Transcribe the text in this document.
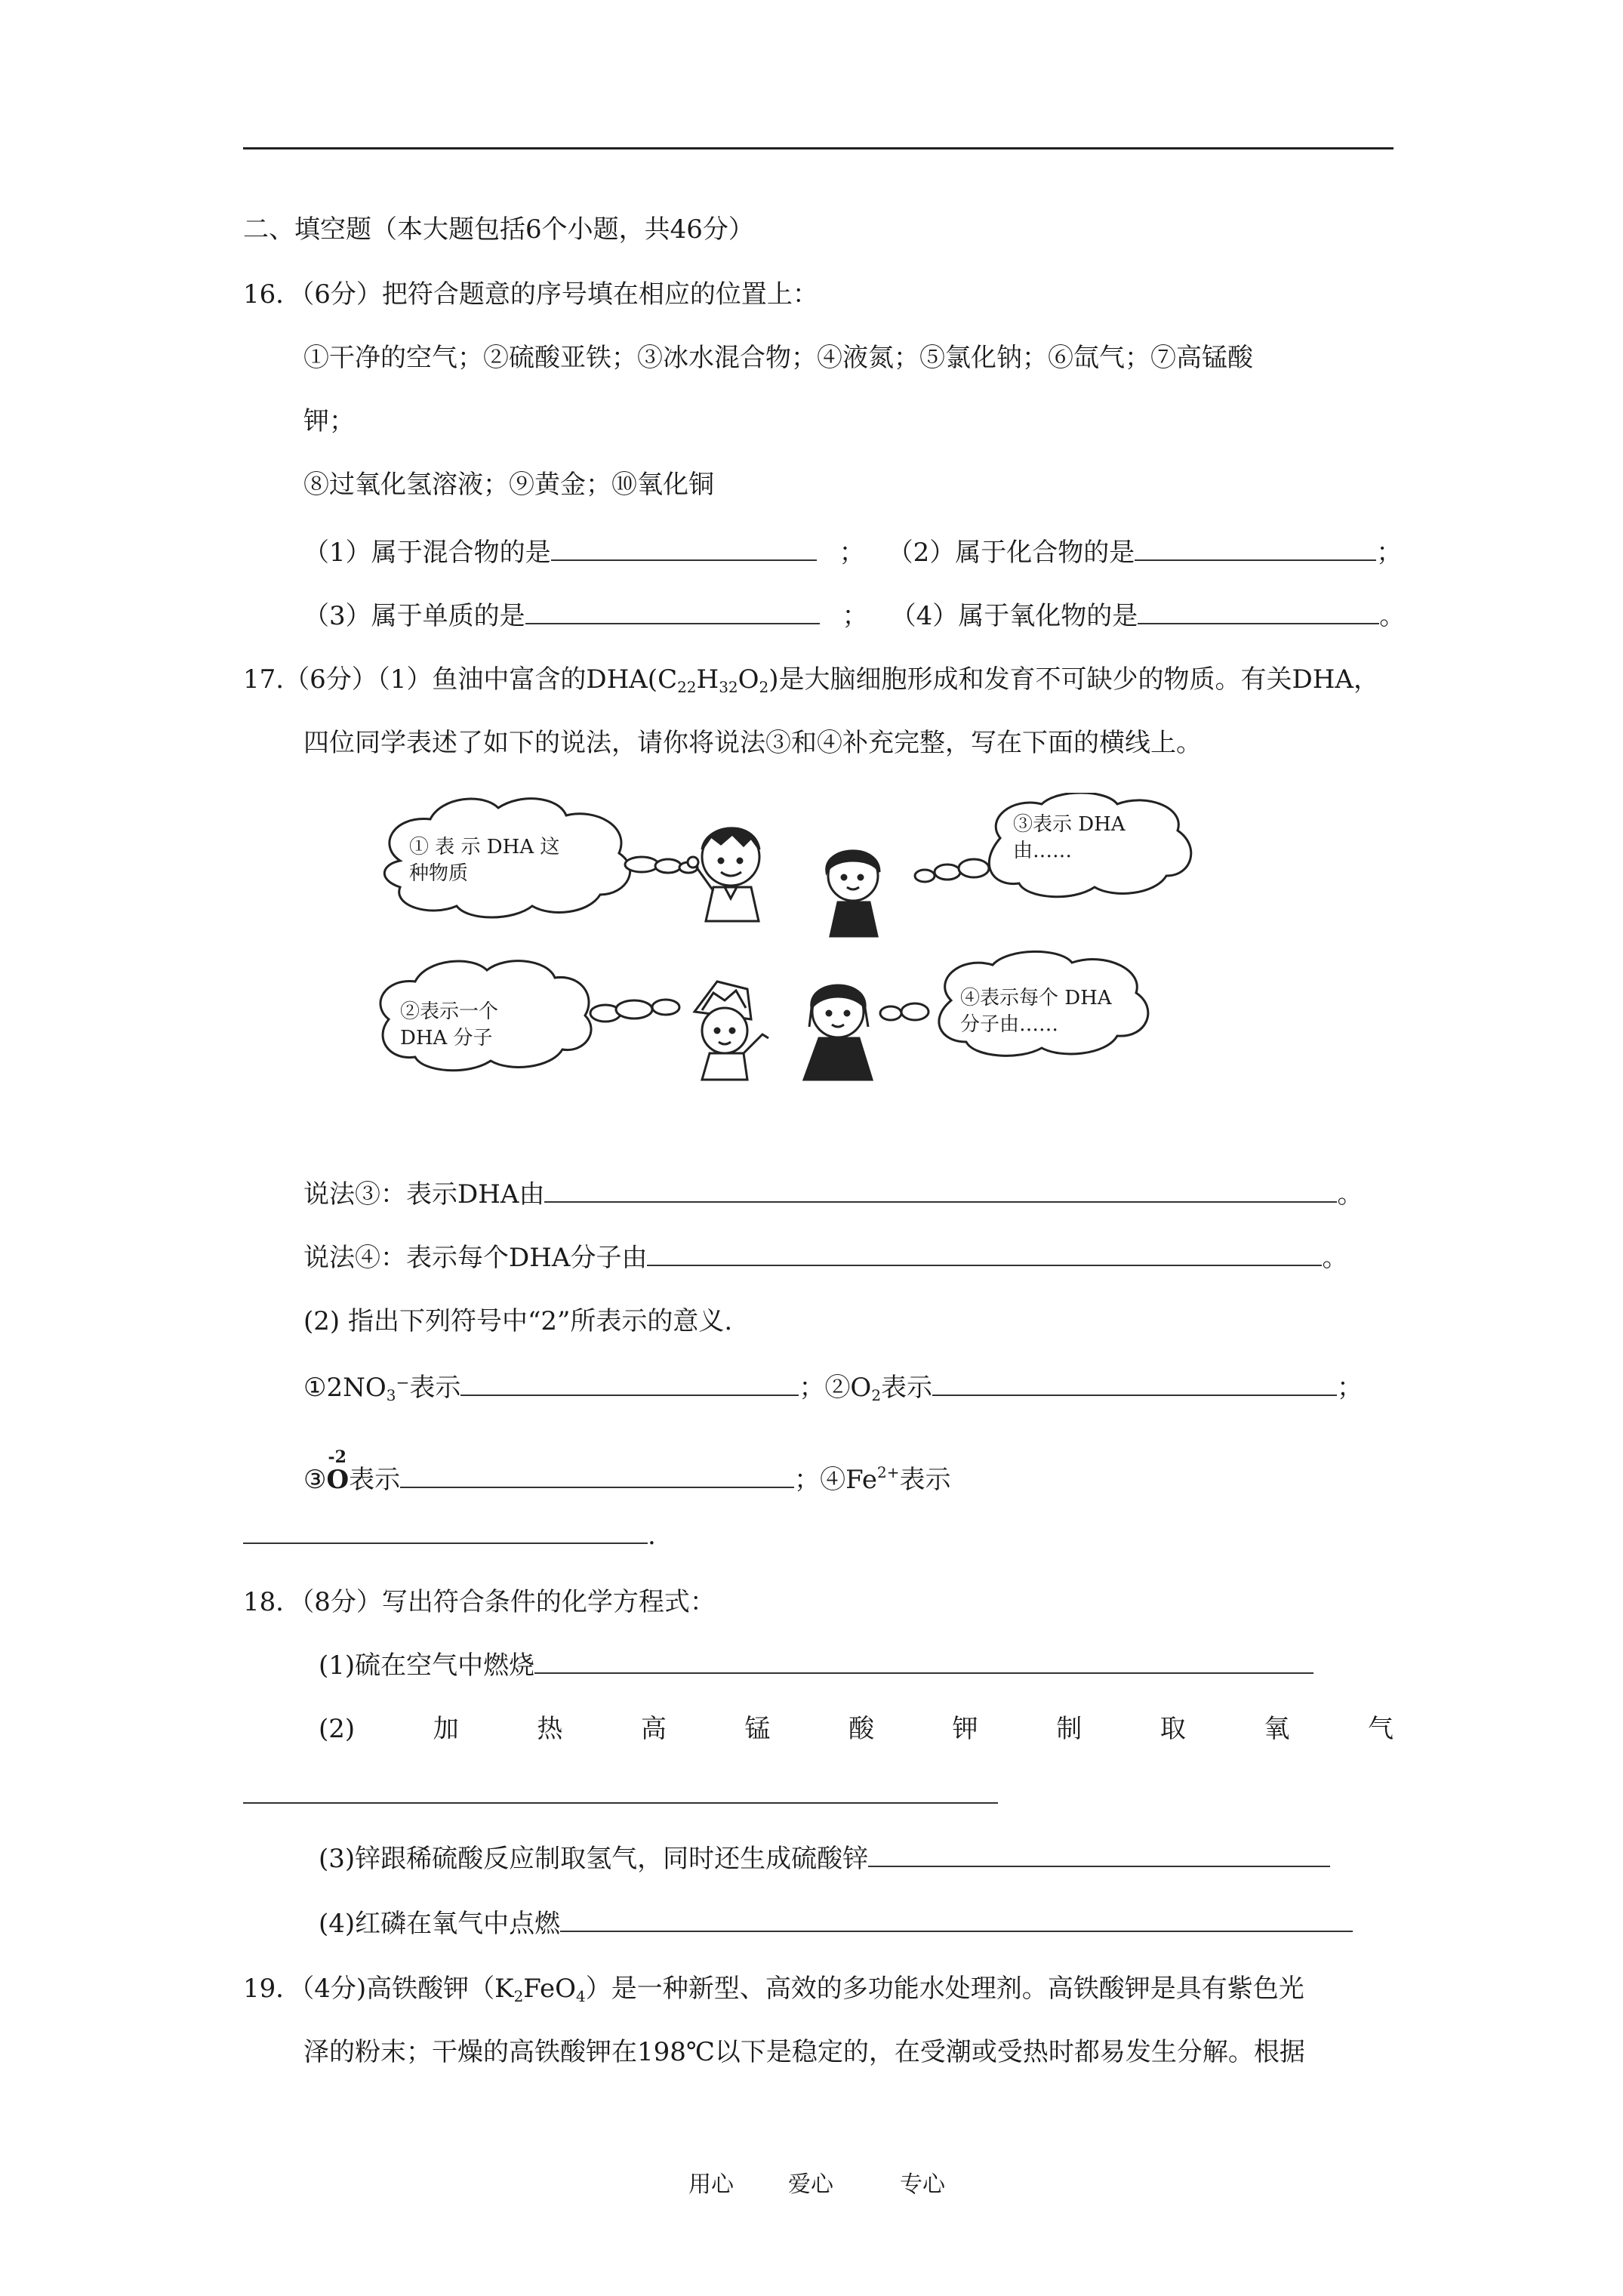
二、填空题（本大题包括6个小题，共46分）
16．（6分）把符合题意的序号填在相应的位置上：
①干净的空气；②硫酸亚铁；③冰水混合物；④液氮；⑤氯化钠；⑥氙气；⑦高锰酸
钾；
⑧过氧化氢溶液；⑨黄金；⑩氧化铜
（1）属于混合物的是	； （2）属于化合物的是	；
（3）属于单质的是	； （4）属于氧化物的是	。
17.（6分）（1）鱼油中富含的$DHA(C_{22}H_{32}O_2)$是大脑细胞形成和发育不可缺少的物质。有关DHA，
四位同学表述了如下的说法，请你将说法③和④补充完整，写在下面的横线上。
① 表 示 DHA 这
种物质
③表示 DHA
由……
②表示一个
DHA 分子
④表示每个 DHA
分子由……
说法③：表示DHA由	。
说法④：表示每个DHA分子由	。
(2) 指出下列符号中“2”所表示的意义.
$①2NO_3^-$表示	；$②O_2$表示	；
③
-2
O表示	；$④Fe^{2+}$表示
.
18．（8分）写出符合条件的化学方程式：
(1)硫在空气中燃烧
(2)	加	热	高	锰	酸	钾	制	取	氧	气
(3)锌跟稀硫酸反应制取氢气，同时还生成硫酸锌
(4)红磷在氧气中点燃
19．（4分)高铁酸钾$(K_2FeO_4)$是一种新型、高效的多功能水处理剂。高铁酸钾是具有紫色光
泽的粉末；干燥的高铁酸钾在198℃以下是稳定的，在受潮或受热时都易发生分解。根据
用心 爱心	专心
